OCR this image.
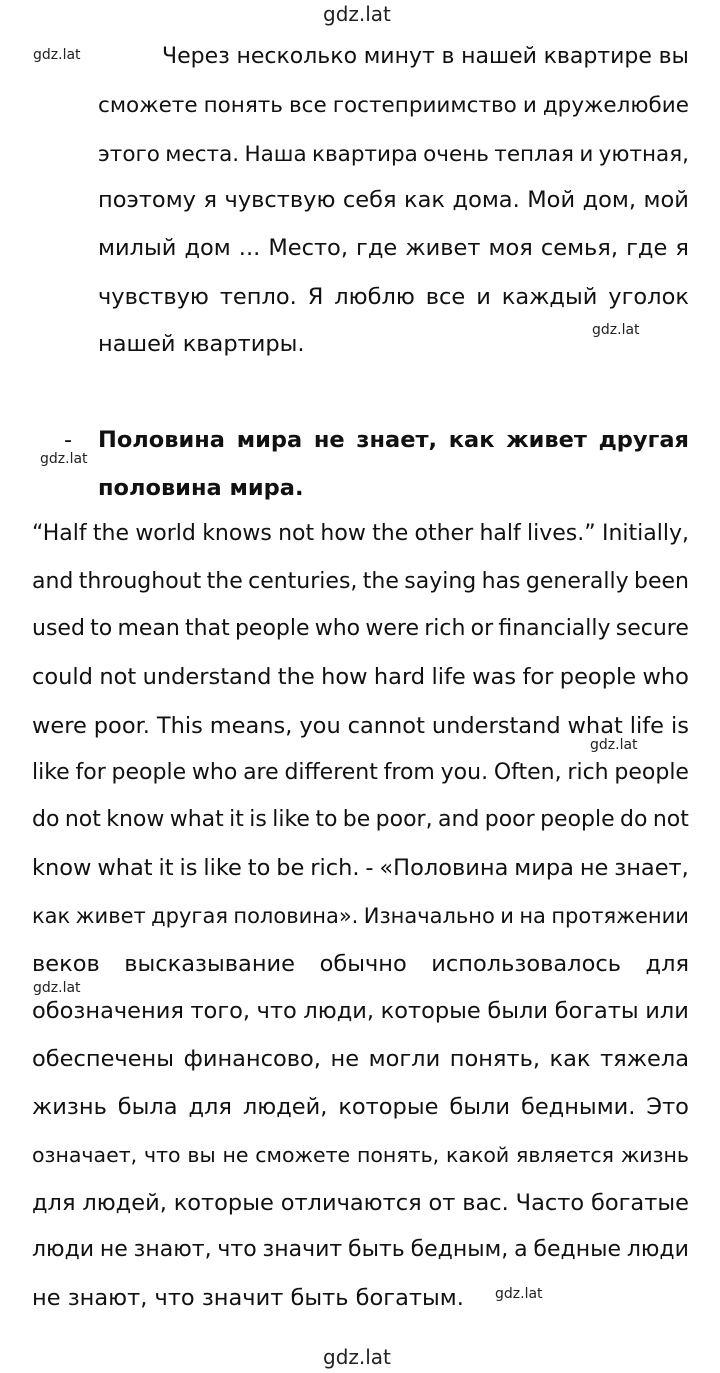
gdz.lat
gdz.lat
gdz.lat
gdz.lat
gdz.lat
gdz.lat
gdz.lat
gdz.lat
Через несколько минут в нашей квартире вы
сможете понять все гостеприимство и дружелюбие
этого места. Наша квартира очень теплая и уютная,
поэтому я чувствую себя как дома. Мой дом, мой
милый дом ... Место, где живет моя семья, где я
чувствую тепло. Я люблю все и каждый уголок
нашей квартиры.
- Половина мира не знает, как живет другая
половина мира.
“Half the world knows not how the other half lives.” Initially,
and throughout the centuries, the saying has generally been
used to mean that people who were rich or financially secure
could not understand the how hard life was for people who
were poor. This means, you cannot understand what life is
like for people who are different from you. Often, rich people
do not know what it is like to be poor, and poor people do not
know what it is like to be rich. - «Половина мира не знает,
как живет другая половина». Изначально и на протяжении
веков высказывание обычно использовалось для
обозначения того, что люди, которые были богаты или
обеспечены финансово, не могли понять, как тяжела
жизнь была для людей, которые были бедными. Это
означает, что вы не сможете понять, какой является жизнь
для людей, которые отличаются от вас. Часто богатые
люди не знают, что значит быть бедным, а бедные люди
не знают, что значит быть богатым.
